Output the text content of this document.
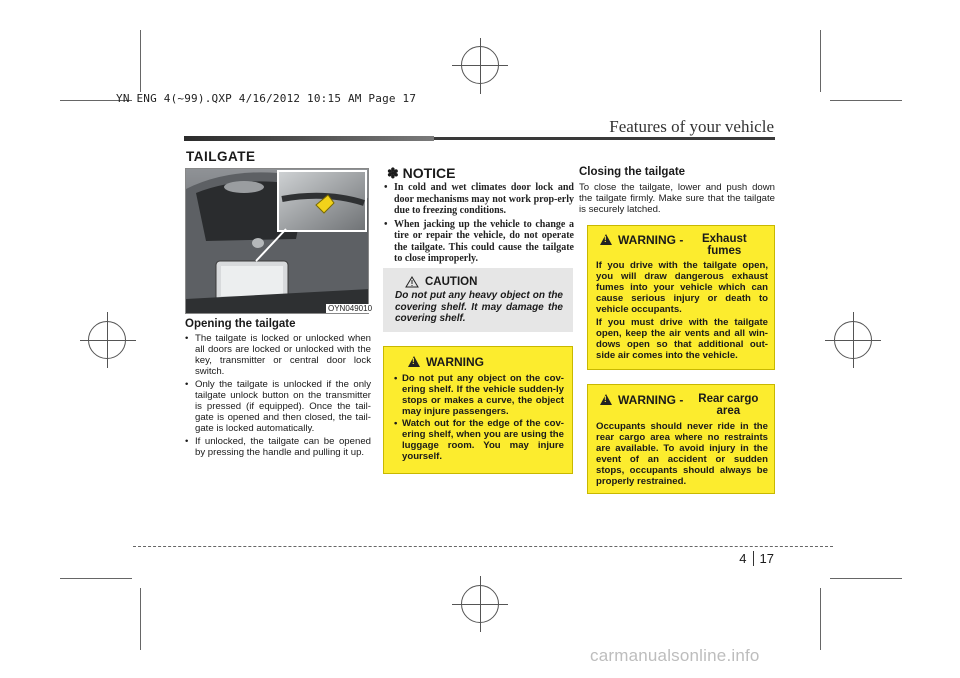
YN ENG 4(~99).QXP 4/16/2012 10:15 AM Page 17
Features of your vehicle
TAILGATE
OYN049010
Opening the tailgate
• The tailgate is locked or unlocked when all doors are locked or unlocked with the key, transmitter or central door lock switch.
• Only the tailgate is unlocked if the only tailgate unlock button on the transmitter is pressed (if equipped). Once the tail-gate is opened and then closed, the tail-gate is locked automatically.
• If unlocked, the tailgate can be opened by pressing the handle and pulling it up.
✽ NOTICE
• In cold and wet climates door lock and door mechanisms may not work prop-erly due to freezing conditions.
• When jacking up the vehicle to change a tire or repair the vehicle, do not operate the tailgate. This could cause the tailgate to close improperly.
CAUTION
Do not put any heavy object on the covering shelf. It may damage the covering shelf.
!
WARNING
• Do not put any object on the cov-ering shelf. If the vehicle sudden-ly stops or makes a curve, the object may injure passengers.
• Watch out for the edge of the cov-ering shelf, when you are using the luggage room. You may injure yourself.
Closing the tailgate
To close the tailgate, lower and push down the tailgate firmly. Make sure that the tailgate is securely latched.
!
WARNING -	Exhaust fumes
If you drive with the tailgate open, you will draw dangerous exhaust fumes into your vehicle which can cause serious injury or death to vehicle occupants.
If you must drive with the tailgate open, keep the air vents and all win-dows open so that additional out-side air comes into the vehicle.
!
WARNING -	Rear cargo area
Occupants should never ride in the rear cargo area where no restraints are available. To avoid injury in the event of an accident or sudden stops, occupants should always be properly restrained.
4 17
carmanualsonline.info
